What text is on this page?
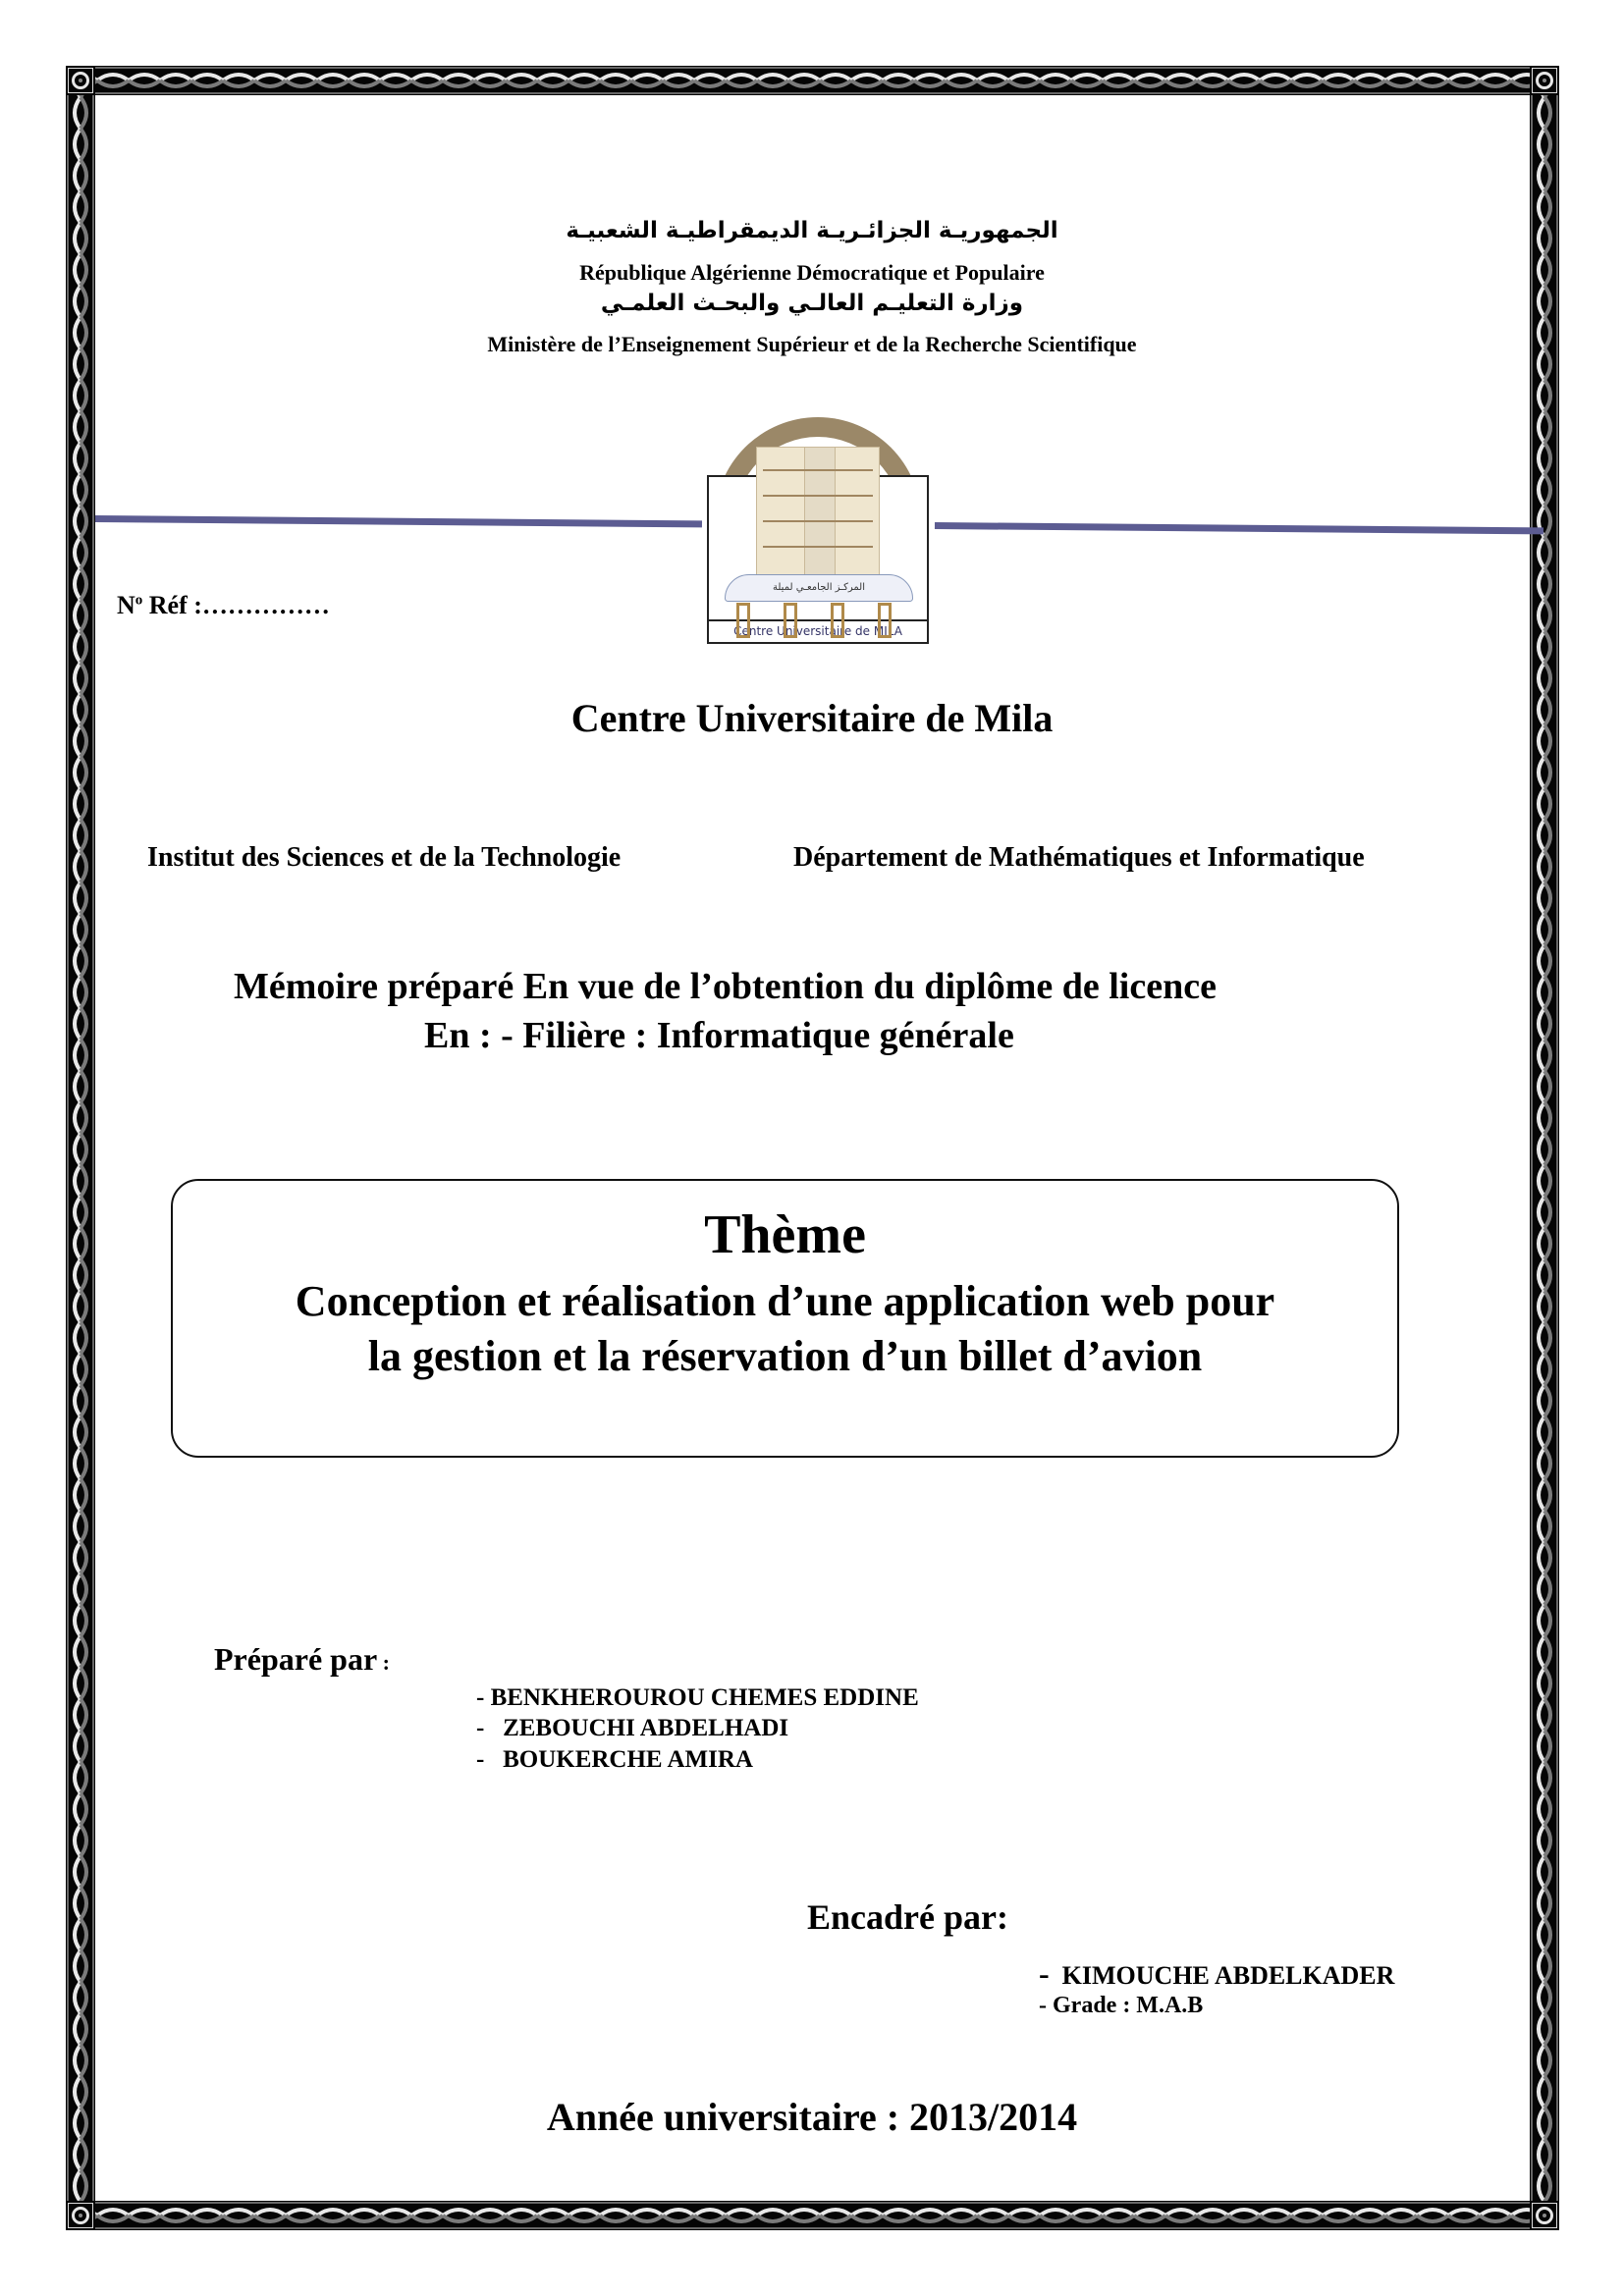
الجمهوريـة الجزائـريـة الديمقراطيـة الشعبيـة
République Algérienne Démocratique et Populaire
وزارة التعليـم العالـي والبحـث العلمـي
Ministère de l’Enseignement Supérieur et de la Recherche Scientifique
Centre Universitaire de MILA
المركـز الجامعـي لميلة
$N^o$ Réf :……………
Centre Universitaire de Mila
Institut des Sciences et de la Technologie	Département de Mathématiques et Informatique
Mémoire préparé En vue de l’obtention du diplôme de licence
En : - Filière : Informatique générale
Thème
Conception et réalisation d’une application web pour
la gestion et la réservation d’un billet d’avion
Préparé par :
- BENKHEROUROU CHEMES EDDINE
-   ZEBOUCHI ABDELHADI
-   BOUKERCHE AMIRA
Encadré par:
- KIMOUCHE ABDELKADER
- Grade : M.A.B
Année universitaire : 2013/2014
